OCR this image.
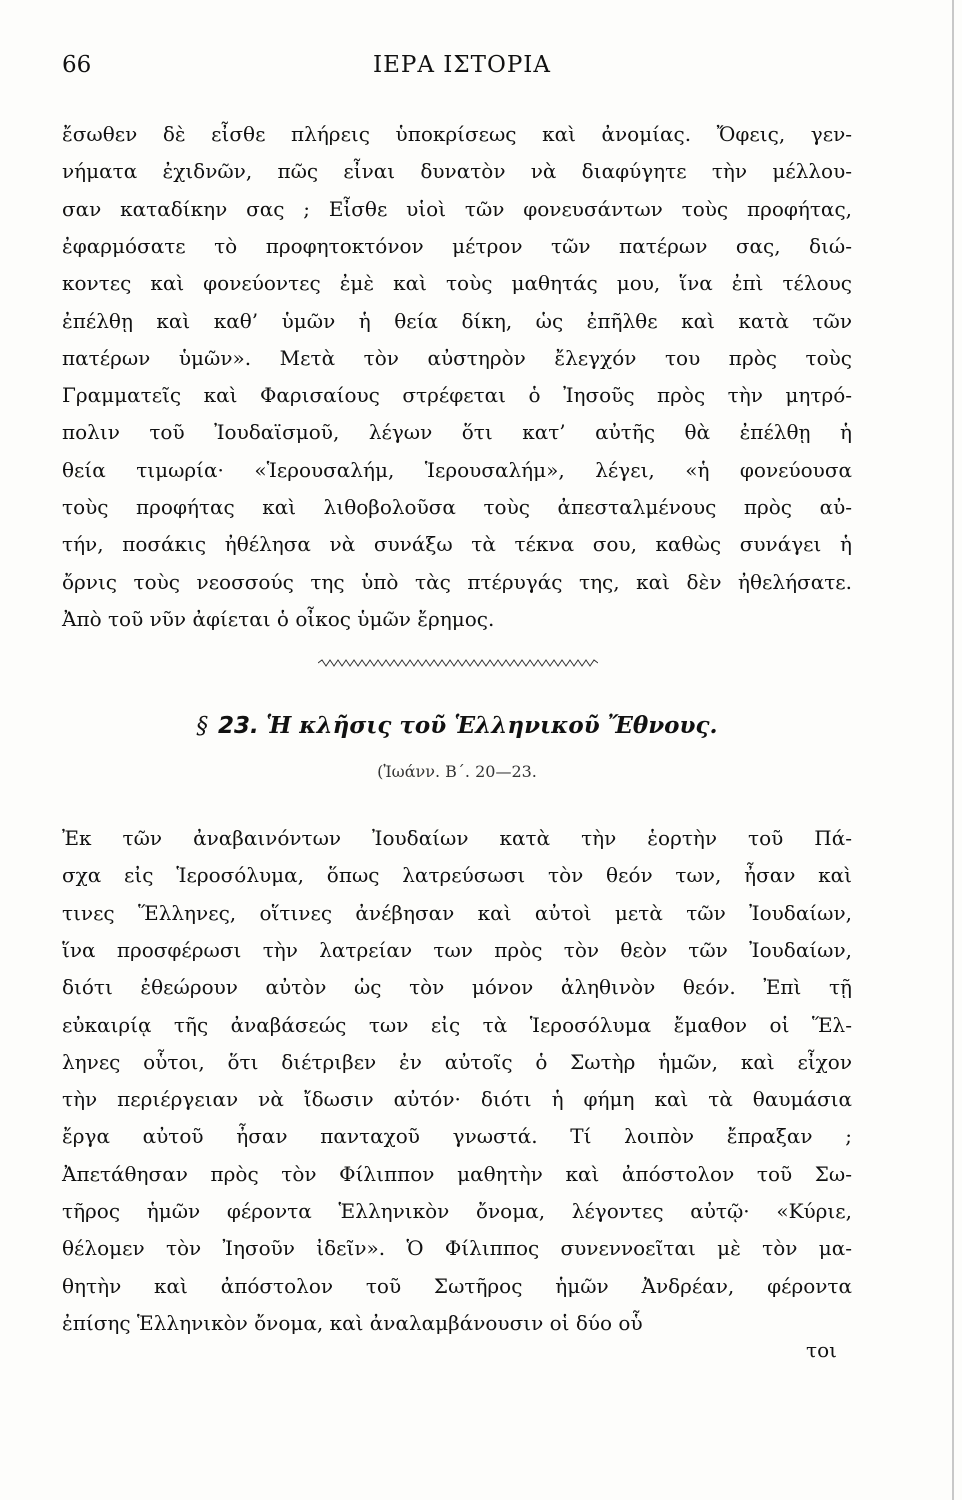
66	ΙΕΡΑ ΙΣΤΟΡΙΑ
ἔσωθεν δὲ εἶσθε πλήρεις ὑποκρίσεως καὶ ἀνομίας. Ὄφεις, γεν-
νήματα ἐχιδνῶν, πῶς εἶναι δυνατὸν νὰ διαφύγητε τὴν μέλλου-
σαν καταδίκην σας ; Εἶσθε υἱοὶ τῶν φονευσάντων τοὺς προφήτας,
ἐφαρμόσατε τὸ προφητοκτόνον μέτρον τῶν πατέρων σας, διώ-
κοντες καὶ φονεύοντες ἐμὲ καὶ τοὺς μαθητάς μου, ἵνα ἐπὶ τέλους
ἐπέλθῃ καὶ καθ’ ὑμῶν ἡ θεία δίκη, ὡς ἐπῆλθε καὶ κατὰ τῶν
πατέρων ὑμῶν». Μετὰ τὸν αὐστηρὸν ἔλεγχόν του πρὸς τοὺς
Γραμματεῖς καὶ Φαρισαίους στρέφεται ὁ Ἰησοῦς πρὸς τὴν μητρό-
πολιν τοῦ Ἰουδαϊσμοῦ, λέγων ὅτι κατ’ αὐτῆς θὰ ἐπέλθῃ ἡ
θεία τιμωρία· «Ἱερουσαλήμ, Ἱερουσαλήμ», λέγει, «ἡ φονεύουσα
τοὺς προφήτας καὶ λιθοβολοῦσα τοὺς ἀπεσταλμένους πρὸς αὐ-
τήν, ποσάκις ἠθέλησα νὰ συνάξω τὰ τέκνα σου, καθὼς συνάγει ἡ
ὄρνις τοὺς νεοσσούς της ὑπὸ τὰς πτέρυγάς της, καὶ δὲν ἠθελήσατε.
Ἀπὸ τοῦ νῦν ἀφίεται ὁ οἶκος ὑμῶν ἔρημος.
§ 23. Ἡ κλῆσις τοῦ Ἑλληνικοῦ Ἔθνους.
(Ἰωάνν. Β΄. 20—23.
Ἐκ τῶν ἀναβαινόντων Ἰουδαίων κατὰ τὴν ἑορτὴν τοῦ Πά-
σχα εἰς Ἱεροσόλυμα, ὅπως λατρεύσωσι τὸν θεόν των, ἦσαν καὶ
τινες Ἕλληνες, οἵτινες ἀνέβησαν καὶ αὐτοὶ μετὰ τῶν Ἰουδαίων,
ἵνα προσφέρωσι τὴν λατρείαν των πρὸς τὸν θεὸν τῶν Ἰουδαίων,
διότι ἐθεώρουν αὐτὸν ὡς τὸν μόνον ἀληθινὸν θεόν. Ἐπὶ τῇ
εὐκαιρίᾳ τῆς ἀναβάσεώς των εἰς τὰ Ἱεροσόλυμα ἔμαθον οἱ Ἕλ-
ληνες οὗτοι, ὅτι διέτριβεν ἐν αὐτοῖς ὁ Σωτὴρ ἡμῶν, καὶ εἶχον
τὴν περιέργειαν νὰ ἴδωσιν αὐτόν· διότι ἡ φήμη καὶ τὰ θαυμάσια
ἔργα αὐτοῦ ἦσαν πανταχοῦ γνωστά. Τί λοιπὸν ἔπραξαν ;
Ἀπετάθησαν πρὸς τὸν Φίλιππον μαθητὴν καὶ ἀπόστολον τοῦ Σω-
τῆρος ἡμῶν φέροντα Ἑλληνικὸν ὄνομα, λέγοντες αὐτῷ· «Κύριε,
θέλομεν τὸν Ἰησοῦν ἰδεῖν». Ὁ Φίλιππος συνεννοεῖται μὲ τὸν μα-
θητὴν καὶ ἀπόστολον τοῦ Σωτῆρος ἡμῶν Ἀνδρέαν, φέροντα
ἐπίσης Ἑλληνικὸν ὄνομα, καὶ ἀναλαμβάνουσιν οἱ δύο οὗ
τοι
